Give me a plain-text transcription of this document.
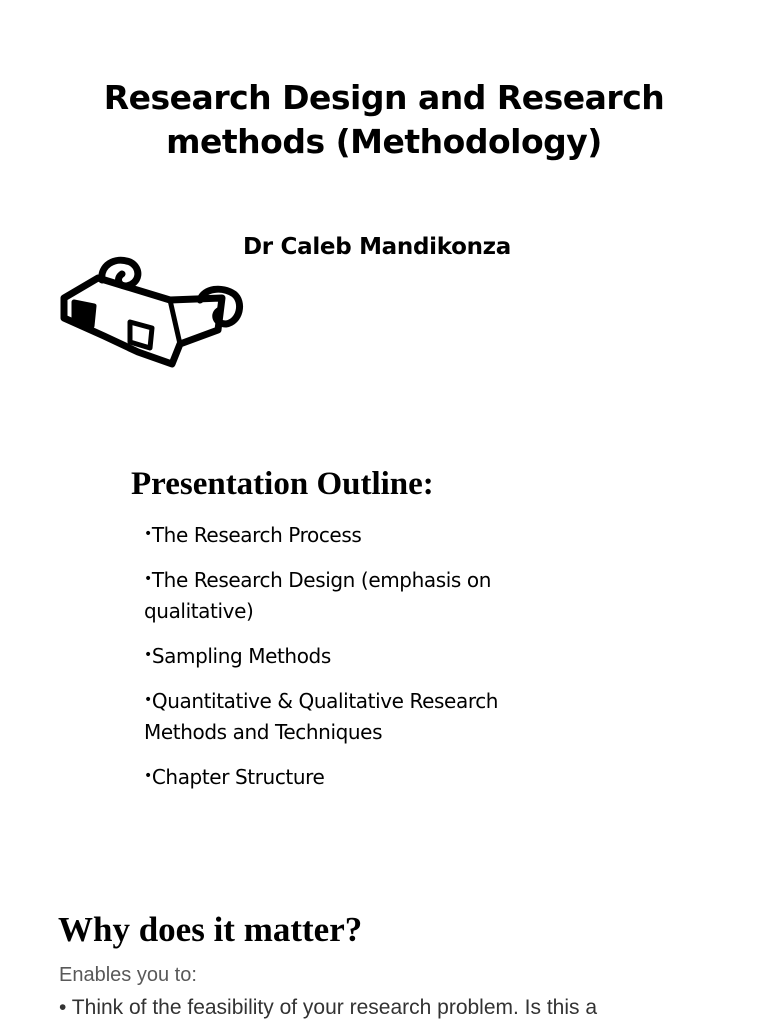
Research Design and Research
methods (Methodology)
Dr Caleb Mandikonza
Presentation Outline:
•The Research Process
•The Research Design (emphasis on qualitative)
•Sampling Methods
•Quantitative & Qualitative Research Methods and Techniques
•Chapter Structure
Why does it matter?
Enables you to:
• Think of the feasibility of your research problem. Is this a
